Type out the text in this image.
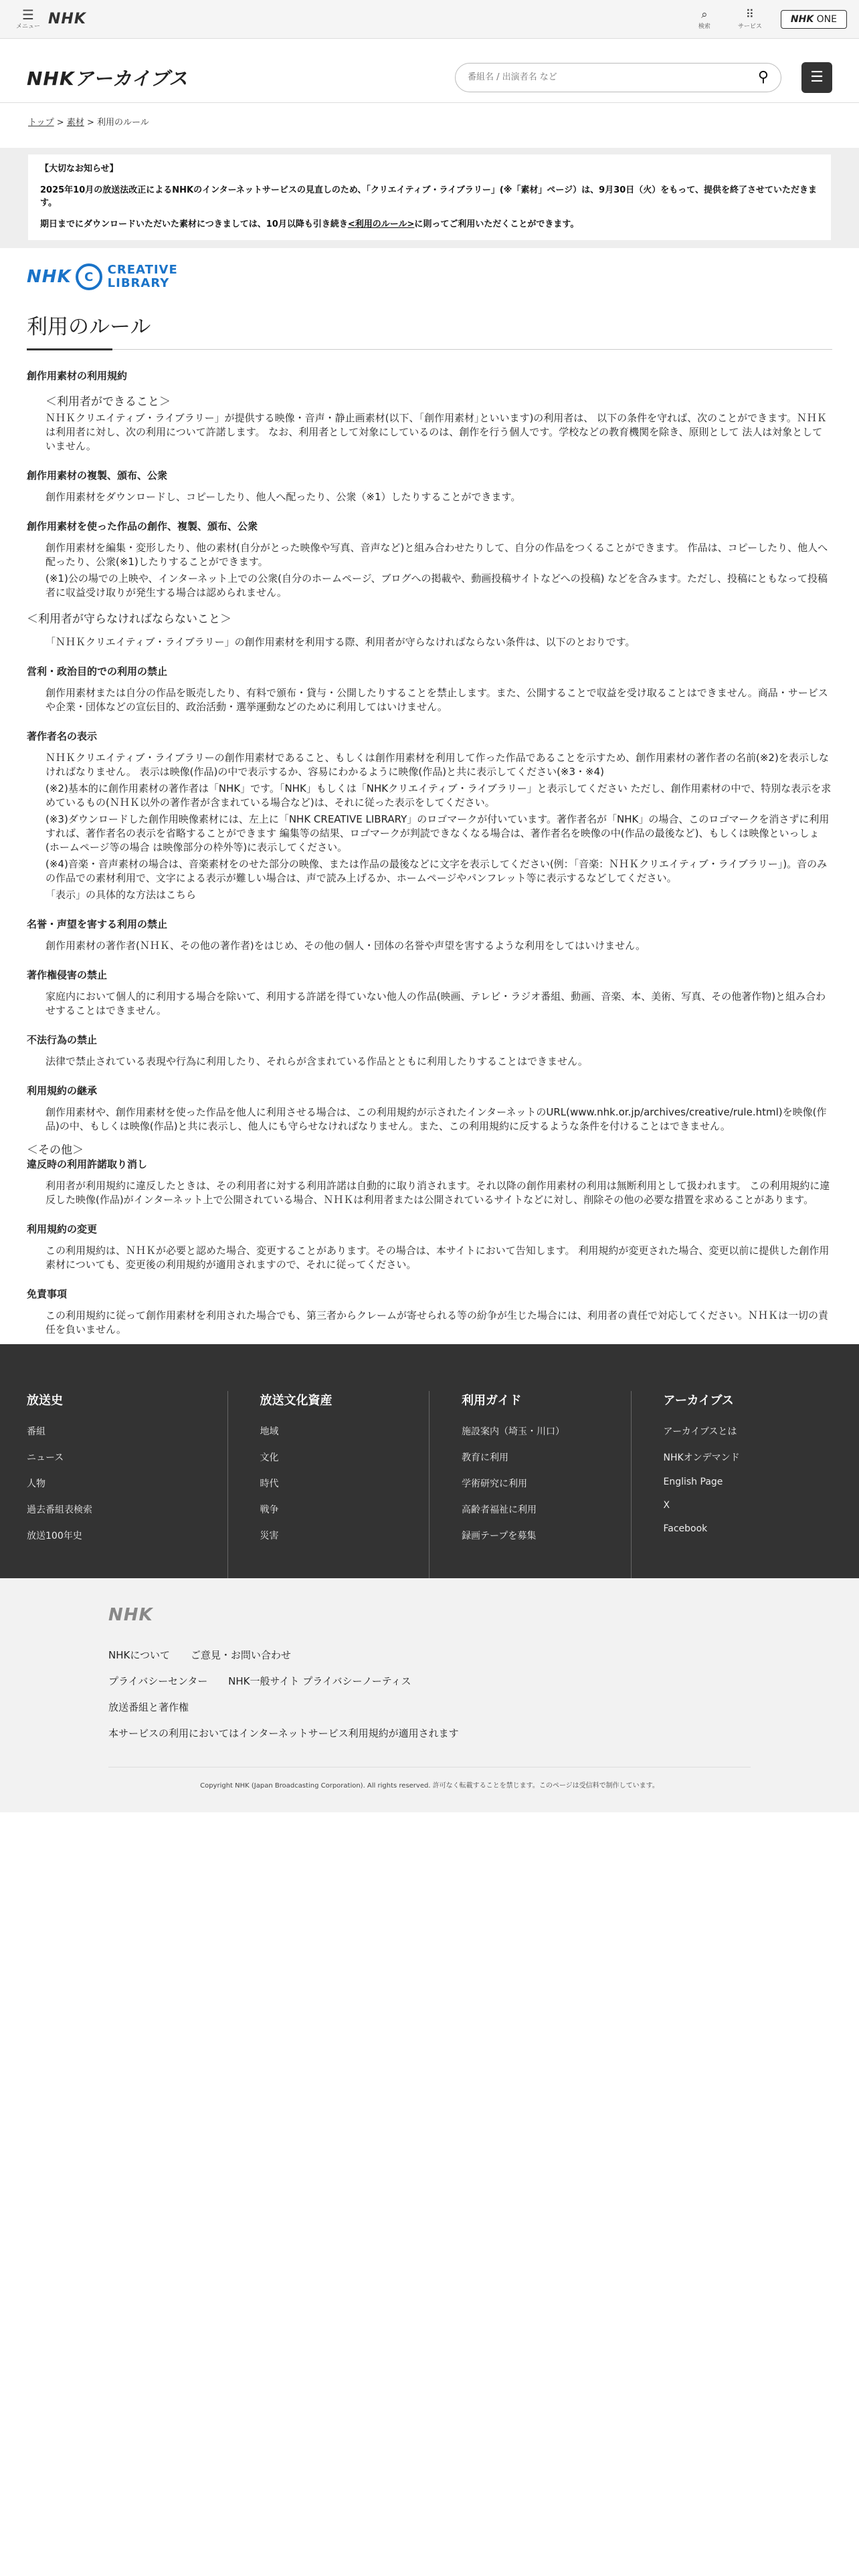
☰
メニュー NHK	⌕
検索
⠿
サービス
NHK ONE
NHKアーカイブス
番組名 / 出演者名 など	⚲	☰
トップ > 素材 > 利用のルール

【大切なお知らせ】

2025年10月の放送法改正によるNHKのインターネットサービスの見直しのため、「クリエイティブ・ライブラリー」(※「素材」ページ）は、9月30日（火）をもって、提供を終了させていただきます。

期日までにダウンロードいただいた素材につきましては、10月以降も引き続き<利用のルール>に則ってご利用いただくことができます。

NHK	C	CREATIVE
LIBRARY
利用のルール
創作用素材の利用規約
＜利用者ができること＞

ＮＨＫクリエイティブ・ライブラリー」が提供する映像・音声・静止画素材(以下、｢創作用素材｣といいます)の利用者は、 以下の条件を守れば、次のことができます。ＮＨＫは利用者に対し、次の利用について許諾します。 なお、利用者として対象にしているのは、創作を行う個人です。学校などの教育機関を除き、原則として 法人は対象としていません。

創作用素材の複製、頒布、公衆

創作用素材をダウンロードし、コピーしたり、他人へ配ったり、公衆（※1）したりすることができます。

創作用素材を使った作品の創作、複製、頒布、公衆

創作用素材を編集・変形したり、他の素材(自分がとった映像や写真、音声など)と組み合わせたりして、自分の作品をつくることができます。 作品は、コピーしたり、他人へ配ったり、公衆(※1)したりすることができます。

(※1)公の場での上映や、インターネット上での公衆(自分のホームページ、ブログへの掲載や、動画投稿サイトなどへの投稿) などを含みます。ただし、投稿にともなって投稿者に収益受け取りが発生する場合は認められません。

＜利用者が守らなければならないこと＞

「ＮＨＫクリエイティブ・ライブラリー」の創作用素材を利用する際、利用者が守らなければならない条件は、以下のとおりです。

営利・政治目的での利用の禁止

創作用素材または自分の作品を販売したり、有料で頒布・貸与・公開したりすることを禁止します。また、公開することで収益を受け取ることはできません。商品・サービスや企業・団体などの宣伝目的、政治活動・選挙運動などのために利用してはいけません。

著作者名の表示

ＮＨＫクリエイティブ・ライブラリーの創作用素材であること、もしくは創作用素材を利用して作った作品であることを示すため、創作用素材の著作者の名前(※2)を表示しなければなりません。 表示は映像(作品)の中で表示するか、容易にわかるように映像(作品)と共に表示してください(※3・※4)

(※2)基本的に創作用素材の著作者は「NHK」です。「NHK」もしくは「NHKクリエイティブ・ライブラリー」と表示してください ただし、創作用素材の中で、特別な表示を求めているもの(ＮＨＫ以外の著作者が含まれている場合など)は、それに従った表示をしてください。

(※3)ダウンロードした創作用映像素材には、左上に「NHK CREATIVE LIBRARY」のロゴマークが付いています。著作者名が「NHK」の場合、このロゴマークを消さずに利用すれば、著作者名の表示を省略することができます 編集等の結果、ロゴマークが判読できなくなる場合は、著作者名を映像の中(作品の最後など)、もしくは映像といっしょ(ホームページ等の場合 は映像部分の枠外等)に表示してください。

(※4)音楽・音声素材の場合は、音楽素材をのせた部分の映像、または作品の最後などに文字を表示してください(例：｢音楽：ＮＨＫクリエイティブ・ライブラリー｣)。音のみの作品での素材利用で、文字による表示が難しい場合は、声で読み上げるか、ホームページやパンフレット等に表示するなどしてください。

「表示」の具体的な方法はこちら

名誉・声望を害する利用の禁止

創作用素材の著作者(ＮＨＫ、その他の著作者)をはじめ、その他の個人・団体の名誉や声望を害するような利用をしてはいけません。

著作権侵害の禁止

家庭内において個人的に利用する場合を除いて、利用する許諾を得ていない他人の作品(映画、テレビ・ラジオ番組、動画、音楽、本、美術、写真、その他著作物)と組み合わせすることはできません。

不法行為の禁止

法律で禁止されている表現や行為に利用したり、それらが含まれている作品とともに利用したりすることはできません。

利用規約の継承

創作用素材や、創作用素材を使った作品を他人に利用させる場合は、この利用規約が示されたインターネットのURL(www.nhk.or.jp/archives/creative/rule.html)を映像(作品)の中、もしくは映像(作品)と共に表示し、他人にも守らせなければなりません。また、この利用規約に反するような条件を付けることはできません。

＜その他＞
違反時の利用許諾取り消し

利用者が利用規約に違反したときは、その利用者に対する利用許諾は自動的に取り消されます。それ以降の創作用素材の利用は無断利用として扱われます。 この利用規約に違反した映像(作品)がインターネット上で公開されている場合、ＮＨＫは利用者または公開されているサイトなどに対し、削除その他の必要な措置を求めることがあります。

利用規約の変更

この利用規約は、ＮＨＫが必要と認めた場合、変更することがあります。その場合は、本サイトにおいて告知します。 利用規約が変更された場合、変更以前に提供した創作用素材についても、変更後の利用規約が適用されますので、それに従ってください。

免責事項

この利用規約に従って創作用素材を利用された場合でも、第三者からクレームが寄せられる等の紛争が生じた場合には、利用者の責任で対応してください。ＮＨＫは一切の責任を負いません。

放送史
番組
ニュース
人物
過去番組表検索
放送100年史
放送文化資産
地域
文化
時代
戦争
災害
利用ガイド
施設案内（埼玉・川口）
教育に利用
学術研究に利用
高齢者福祉に利用
録画テープを募集
アーカイブス
アーカイブスとは
NHKオンデマンド
English Page
X
Facebook
NHK
NHKについて ご意見・お問い合わせ
プライバシーセンター NHK一般サイト プライバシーノーティス
放送番組と著作権
本サービスの利用においてはインターネットサービス利用規約が適用されます
Copyright NHK (Japan Broadcasting Corporation). All rights reserved. 許可なく転載することを禁じます。このページは受信料で制作しています。
